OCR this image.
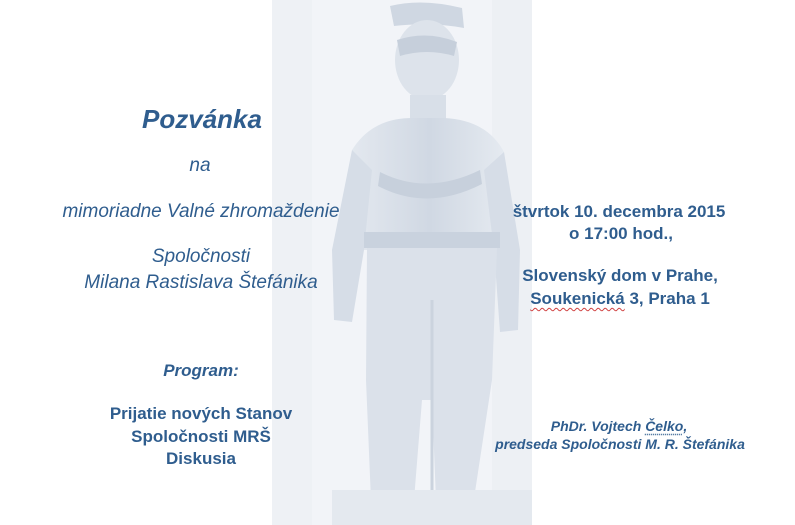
Pozvánka
na
mimoriadne Valné zhromaždenie
Spoločnosti
Milana Rastislava Štefánika
Program:
Prijatie nových Stanov
Spoločnosti MRŠ
Diskusia
štvrtok 10. decembra 2015
o 17:00 hod.,
Slovenský dom v Prahe,
Soukenická 3, Praha 1
PhDr. Vojtech Čelko,
predseda Spoločnosti M. R. Štefánika
